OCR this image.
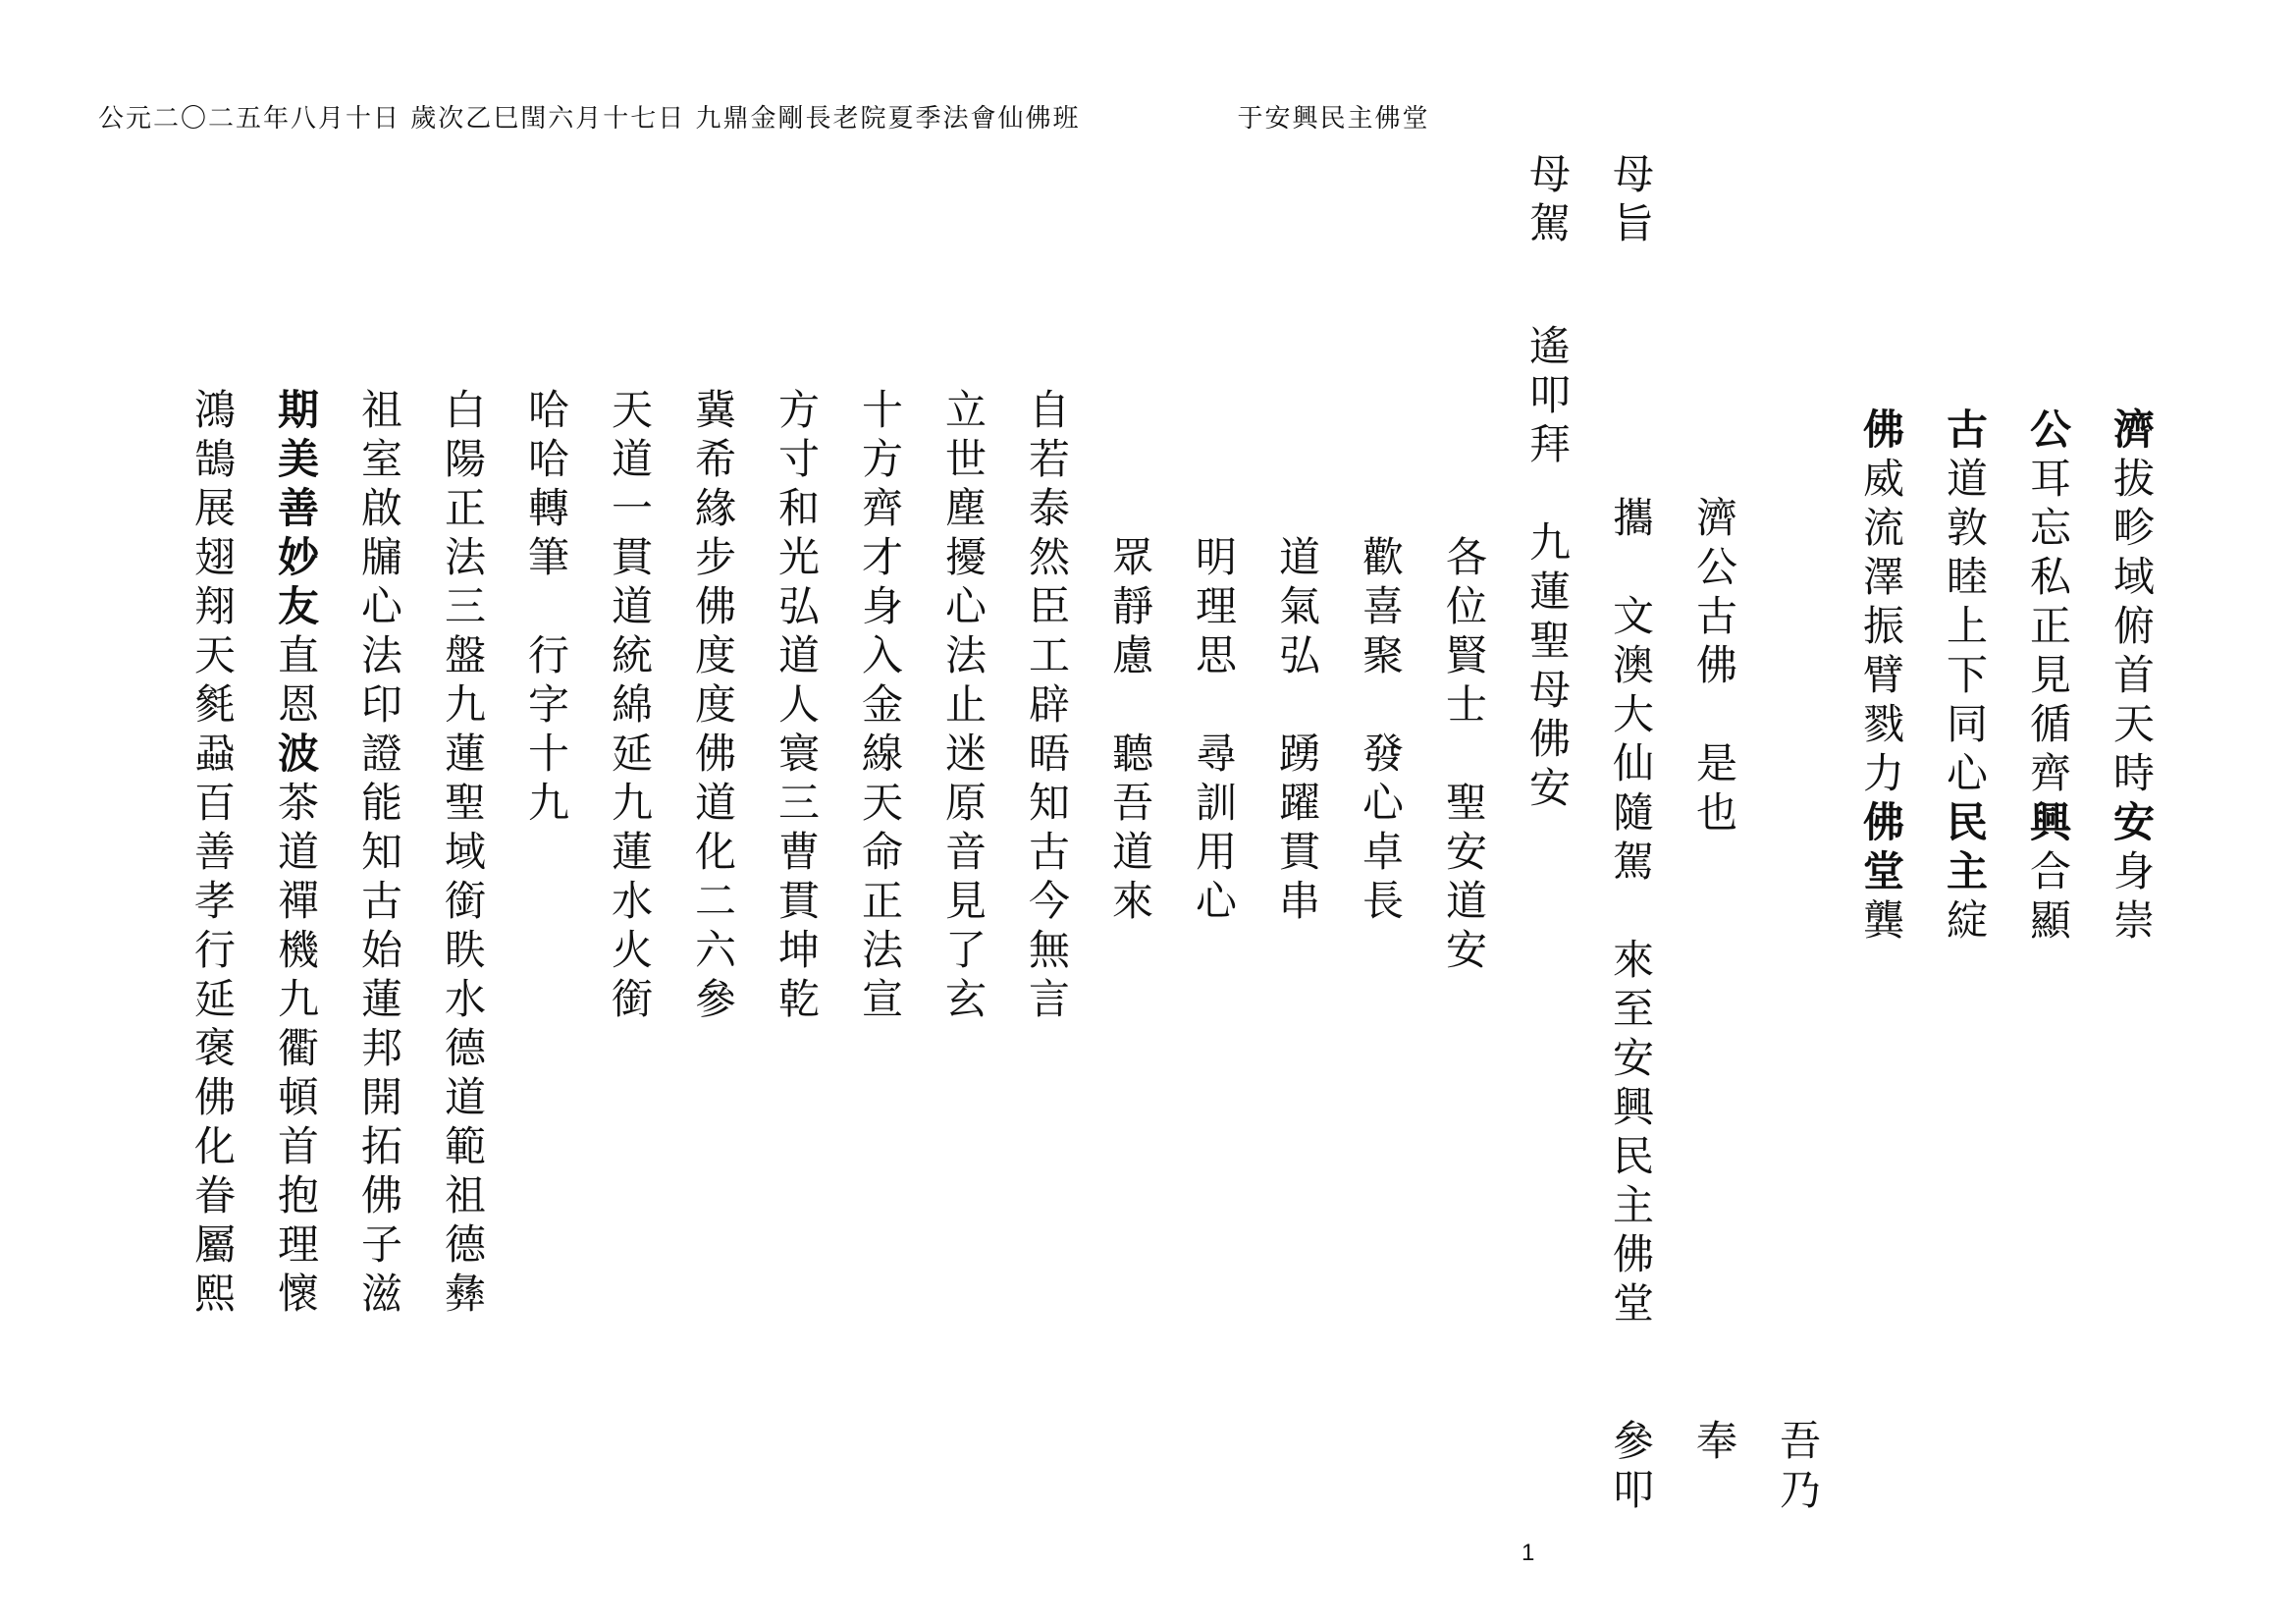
公元二〇二五年八月十日 歲次乙巳閏六月十七日 九鼎金剛長老院夏季法會仙佛班	于安興民主佛堂
濟拔畛域俯首天時安身崇
公耳忘私正見循齊興合顯
古道敦睦上下同心民主綻
佛威流澤振臂戮力佛堂龔
吾乃
濟公古佛　是也
奉
母旨
攜　文澳大仙隨駕　來至安興民主佛堂
參叩
母駕
遙叩拜　九蓮聖母佛安
各位賢士　聖安道安
歡喜聚　發心卓長
道氣弘　踴躍貫串
明理思　尋訓用心
眾靜慮　聽吾道來
自若泰然臣工辟晤知古今無言
立世塵擾心法止迷原音見了玄
十方齊才身入金線天命正法宣
方寸和光弘道人寰三曹貫坤乾
冀希緣步佛度度佛道化二六參
天道一貫道統綿延九蓮水火銜
哈哈轉筆　行字十九
白陽正法三盤九蓮聖域銜眣水德道範祖德彝
祖室啟牖心法印證能知古始蓮邦開拓佛子滋
期美善妙友直恩波茶道禪機九衢頓首抱理懷
鴻鵠展翅翔天毿蝨百善孝行延褒佛化眷屬熙
1
